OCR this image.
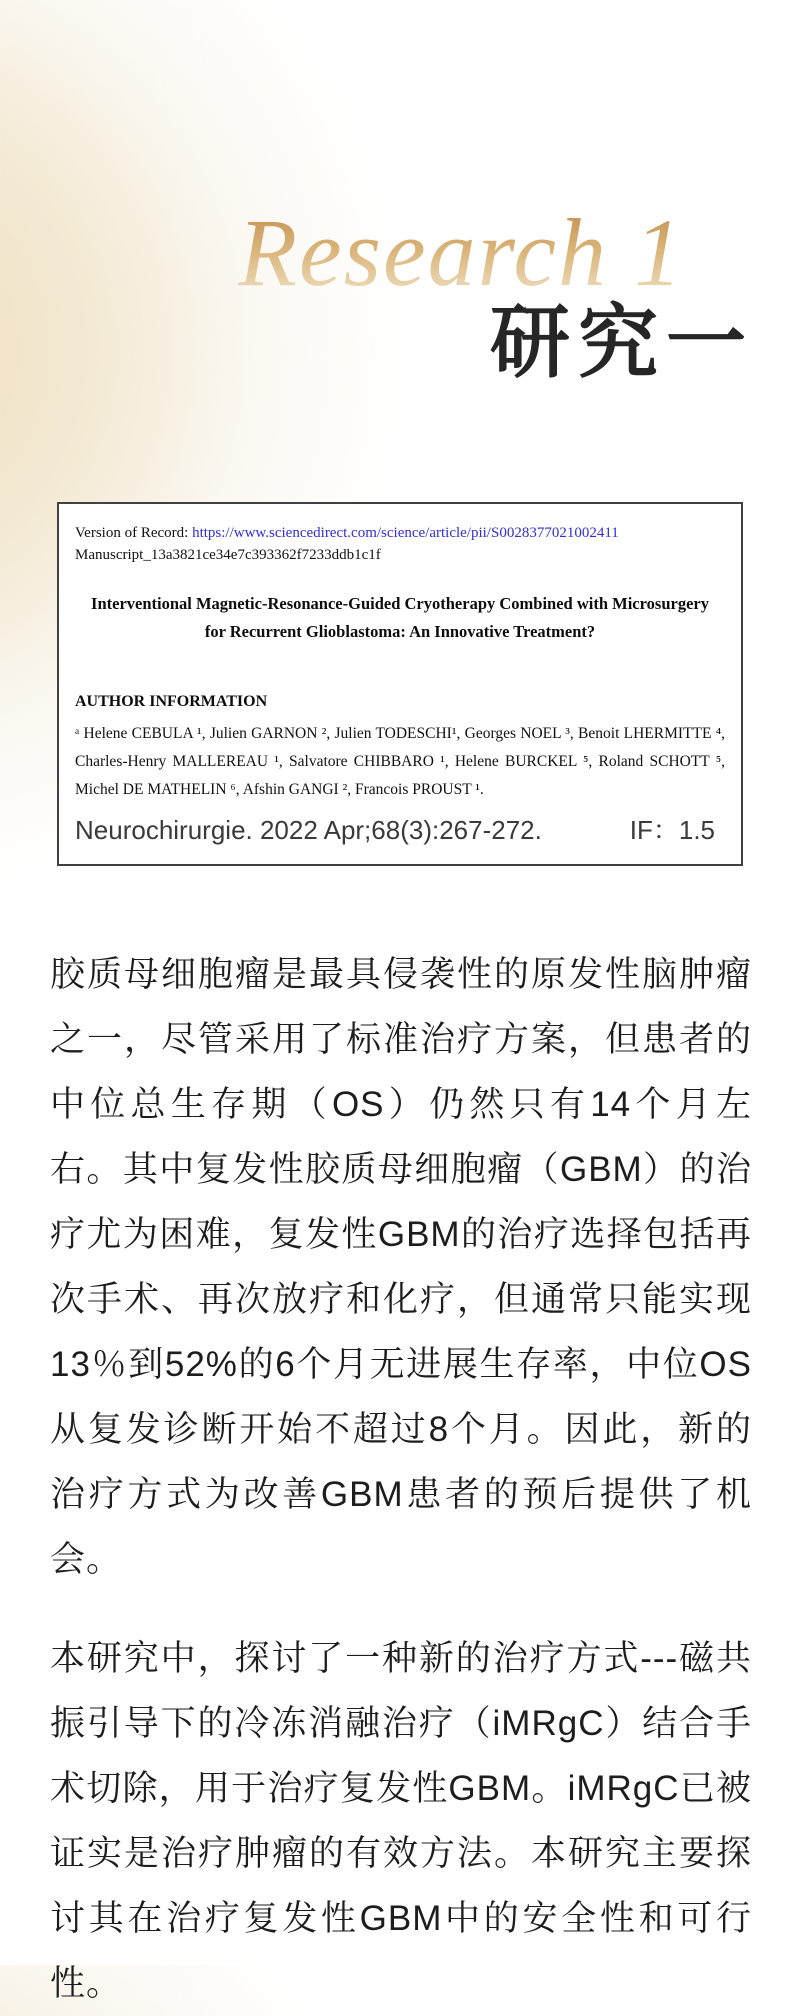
Research 1
研究一

Version of Record: https://www.sciencedirect.com/science/article/pii/S0028377021002411

Manuscript_13a3821ce34e7c393362f7233ddb1c1f

Interventional Magnetic-Resonance-Guided Cryotherapy Combined with Microsurgery
for Recurrent Glioblastoma: An Innovative Treatment?
AUTHOR INFORMATION

ᵃ Helene CEBULA ¹, Julien GARNON ², Julien TODESCHI¹, Georges NOEL ³, Benoit LHERMITTE ⁴, Charles-Henry MALLEREAU ¹, Salvatore CHIBBARO ¹, Helene BURCKEL ⁵, Roland SCHOTT ⁵, Michel DE MATHELIN ⁶, Afshin GANGI ², Francois PROUST ¹.

Neurochirurgie. 2022 Apr;68(3):267-272.	IF：1.5

胶质母细胞瘤是最具侵袭性的原发性脑肿瘤之一，尽管采用了标准治疗方案，但患者的中位总生存期（OS）仍然只有14个月左右。其中复发性胶质母细胞瘤（GBM）的治疗尤为困难，复发性GBM的治疗选择包括再次手术、再次放疗和化疗，但通常只能实现13％到52%的6个月无进展生存率，中位OS从复发诊断开始不超过8个月。因此，新的治疗方式为改善GBM患者的预后提供了机会。

本研究中，探讨了一种新的治疗方式---磁共振引导下的冷冻消融治疗（iMRgC）结合手术切除，用于治疗复发性GBM。iMRgC已被证实是治疗肿瘤的有效方法。本研究主要探讨其在治疗复发性GBM中的安全性和可行性。
